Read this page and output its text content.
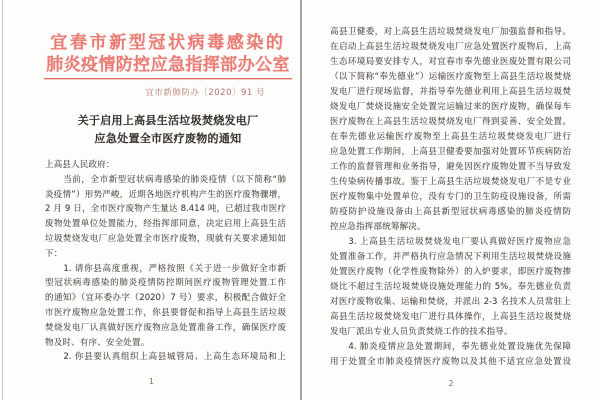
宜春市新型冠状病毒感染的
肺炎疫情防控应急指挥部办公室
宜市新肺防办〔2020〕91 号
关于启用上高县生活垃圾焚烧发电厂
应急处置全市医疗废物的通知
上高县人民政府：
　　当前，全市新型冠状病毒感染的肺炎疫情（以下简称“肺
炎疫情”）形势严峻，近期各地医疗机构产生的医疗废物骤增，
2 月 9 日，全市医疗废物产生量达 8.414 吨，已超过我市医疗
废物处置单位处置能力，经指挥部同意，决定启用上高县生活
垃圾焚烧发电厂应急处置全市医疗废物，现就有关要求通知如
下：
　　1. 请你县高度重视，严格按照《关于进一步做好全市新
型冠状病毒感染的肺炎疫情防控期间医疗废物管理处置工作
的通知》（宜环委办字（2020）7 号）要求，积极配合做好全
市医疗废物应急处置工作，你县要督促和指导上高县生活垃圾
焚烧发电厂认真做好医疗废物应急处置准备工作，确保医疗废
物及时、有序、安全处置。
　　2. 你县要认真组织上高县城管局、上高生态环境局和上
1
高县卫健委，对上高县生活垃圾焚烧发电厂加强监督和指导。
在启动上高县生活垃圾焚烧发电厂应急处置医疗废物后，上高
生态环境局要安排专人，对宜春市奉先德业医废处置有限公司
（以下简称“奉先德业”）运输医疗废物至上高县生活垃圾焚烧
发电厂进行现场监督，并指导奉先德业利用上高县生活垃圾焚
烧发电厂焚烧设施安全处置完运输过来的医疗废物，确保每车
医疗废物在上高县生活垃圾焚烧发电厂得到妥善、安全处置。
在奉先德业运输医疗废物至上高县生活垃圾焚烧发电厂进行
应急处置工作期间，上高县卫健委要加强对处置环节疾病防治
工作的监督管理和业务指导，避免因医疗废物处置不当导致发
生传染病传播事故。鉴于上高县生活垃圾焚烧发电厂不是专业
医疗废物集中处置单位，没有专门的卫生防疫设施设备，所需
防疫防护设施设备由上高县新型冠状病毒感染的肺炎疫情防
控应急指挥部统筹解决。
　　3. 上高县生活垃圾焚烧发电厂要认真做好医疗废物应急
处置准备工作，并严格执行应急情况下利用生活垃圾焚烧设施
处置医疗废物（化学性废物除外）的入炉要求，即医疗废物掺
烧比不超过生活垃圾焚烧设施处理能力的 5%。奉先德业负责
对医疗废物收集、运输和焚烧，并派出 2-3 名技术人员常驻上
高县生活垃圾焚烧发电厂进行具体操作，上高县生活垃圾焚烧
发电厂派出专业人员负责焚烧工作的技术指导。
　　4. 肺炎疫情应急处置期间，奉先德业处置设施优先保障
用于处置全市肺炎疫情医疗废物以及其他不适宜应急处置设
2
